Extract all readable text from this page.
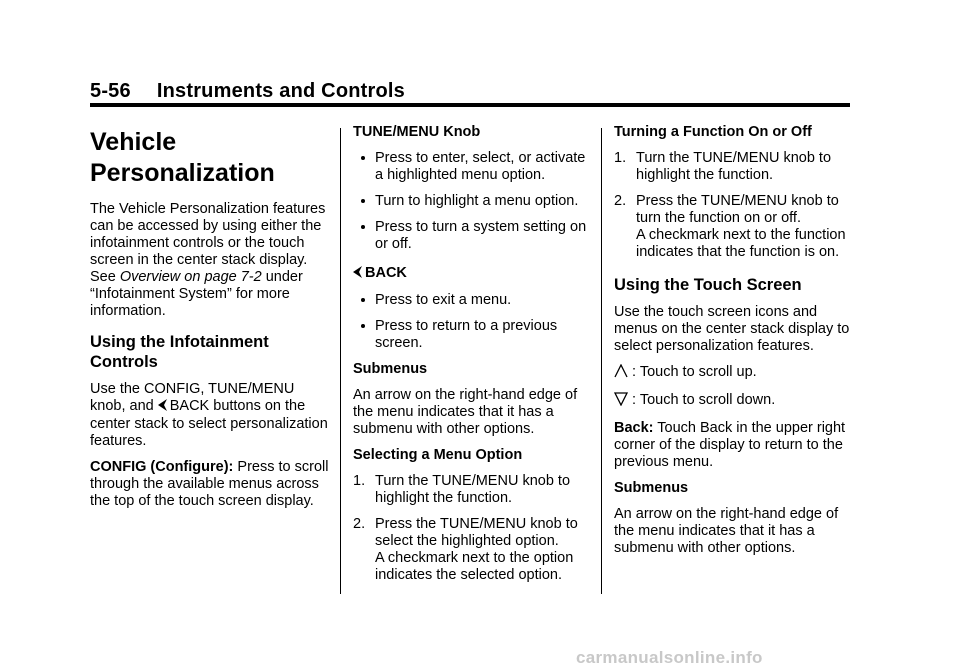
5-56 Instruments and Controls
Vehicle
Personalization

The Vehicle Personalization features can be accessed by using either the infotainment controls or the touch screen in the center stack display. See Overview on page 7-2 under “Infotainment System” for more information.

Using the Infotainment Controls

Use the CONFIG, TUNE/MENU knob, and BACK buttons on the center stack to select personalization features.

CONFIG (Configure): Press to scroll through the available menus across the top of the touch screen display.

TUNE/MENU Knob

Press to enter, select, or activate a highlighted menu option.
Turn to highlight a menu option.
Press to turn a system setting on or off.

BACK

Press to exit a menu.
Press to return to a previous screen.

Submenus

An arrow on the right-hand edge of the menu indicates that it has a submenu with other options.

Selecting a Menu Option

1. Turn the TUNE/MENU knob to highlight the function.
2. Press the TUNE/MENU knob to select the highlighted option.
A checkmark next to the option indicates the selected option.

Turning a Function On or Off

1. Turn the TUNE/MENU knob to highlight the function.
2. Press the TUNE/MENU knob to turn the function on or off.
A checkmark next to the function indicates that the function is on.
Using the Touch Screen

Use the touch screen icons and menus on the center stack display to select personalization features.

: Touch to scroll up.
: Touch to scroll down.

Back: Touch Back in the upper right corner of the display to return to the previous menu.

Submenus

An arrow on the right-hand edge of the menu indicates that it has a submenu with other options.

carmanualsonline.info
